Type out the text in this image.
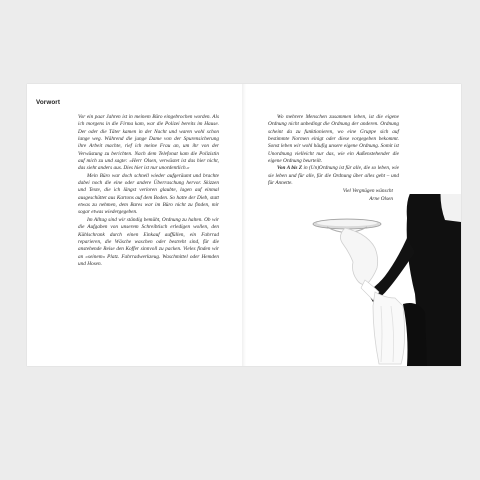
Vorwort

Vor ein paar Jahren ist in meinem Büro eingebrochen worden. Als ich morgens in die Firma kam, war die Polizei bereits im Hause. Der oder die Täter kamen in der Nacht und waren wohl schon lange weg. Während die junge Dame von der Spurensicherung ihre Arbeit machte, rief ich meine Frau an, um ihr von der Verwüstung zu berichten. Nach dem Telefonat kam die Polizistin auf mich zu und sagte: »Herr Olsen, verwüstet ist das hier nicht, das sieht anders aus. Dies hier ist nur unordentlich.«

Mein Büro war doch schnell wieder aufgeräumt und brachte dabei noch die eine oder andere Überraschung hervor. Skizzen und Texte, die ich längst verloren glaubte, lagen auf einmal ausgeschüttet aus Kartons auf dem Boden. So hatte der Dieb, statt etwas zu nehmen, dem Bares war im Büro nicht zu finden, mir sogar etwas wiedergegeben.

Im Alltag sind wir ständig bemüht, Ordnung zu halten. Ob wir die Aufgaben von unserem Schreibtisch erledigen wollen, den Kühlschrank durch einen Einkauf auffüllen, ein Fahrrad reparieren, die Wäsche waschen oder bestreht sind, für die anstehende Reise den Koffer sinnvoll zu packen. Vieles finden wir an »seinem« Platz. Fahrradwerkzeug. Waschmittel oder Hemden und Hosen.

Wo mehrere Menschen zusammen leben, ist die eigene Ordnung nicht unbedingt die Ordnung der anderen. Ordnung scheint da zu funktionieren, wo eine Gruppe sich auf bestimmte Normen einigt oder diese vorgegeben bekommt. Sonst leben wir wohl häufig unsere eigene Ordnung. Somit ist Unordnung vielleicht nur das, wie ein Außenstehender die eigene Ordnung beurteilt.

Von A bis Z in (Un)Ordnung ist für alle, die so leben, wie sie leben und für alle, für die Ordnung über alles geht – und für Annette.

Viel Vergnügen wünscht

Arne Olsen
